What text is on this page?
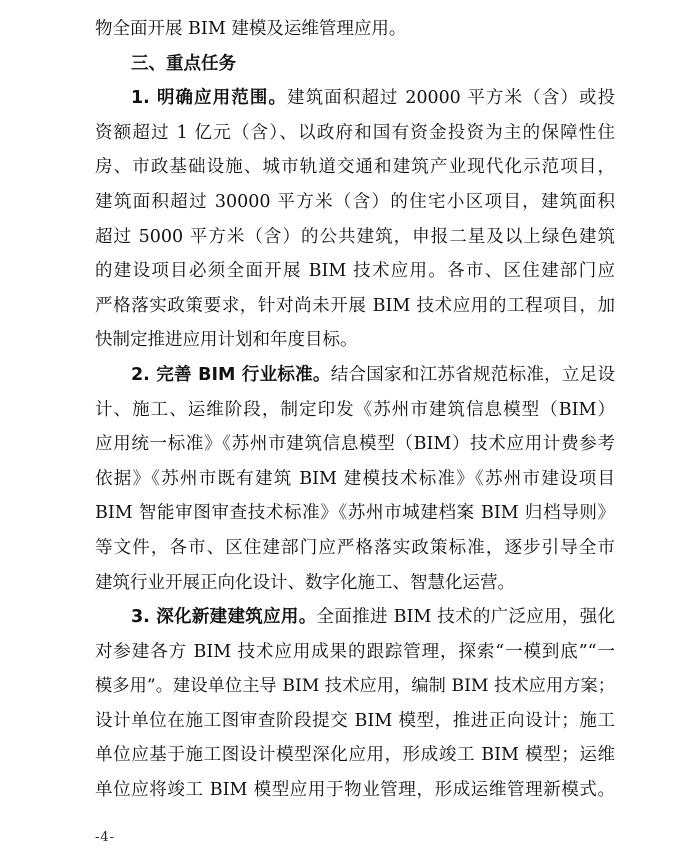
物全面开展 BIM 建模及运维管理应用。
三、重点任务
1. 明确应用范围。建筑面积超过 20000 平方米（含）或投
资额超过 1 亿元（含）、以政府和国有资金投资为主的保障性住
房、市政基础设施、城市轨道交通和建筑产业现代化示范项目，
建筑面积超过 30000 平方米（含）的住宅小区项目，建筑面积
超过 5000 平方米（含）的公共建筑，申报二星及以上绿色建筑
的建设项目必须全面开展 BIM 技术应用。各市、区住建部门应
严格落实政策要求，针对尚未开展 BIM 技术应用的工程项目，加
快制定推进应用计划和年度目标。
2. 完善 BIM 行业标准。结合国家和江苏省规范标准，立足设
计、施工、运维阶段，制定印发《苏州市建筑信息模型（BIM）
应用统一标准》《苏州市建筑信息模型（BIM）技术应用计费参考
依据》《苏州市既有建筑 BIM 建模技术标准》《苏州市建设项目
BIM 智能审图审查技术标准》《苏州市城建档案 BIM 归档导则》
等文件，各市、区住建部门应严格落实政策标准，逐步引导全市
建筑行业开展正向化设计、数字化施工、智慧化运营。
3. 深化新建建筑应用。全面推进 BIM 技术的广泛应用，强化
对参建各方 BIM 技术应用成果的跟踪管理，探索“一模到底”“一
模多用”。建设单位主导 BIM 技术应用，编制 BIM 技术应用方案；
设计单位在施工图审查阶段提交 BIM 模型，推进正向设计；施工
单位应基于施工图设计模型深化应用，形成竣工 BIM 模型；运维
单位应将竣工 BIM 模型应用于物业管理，形成运维管理新模式。
-4-
